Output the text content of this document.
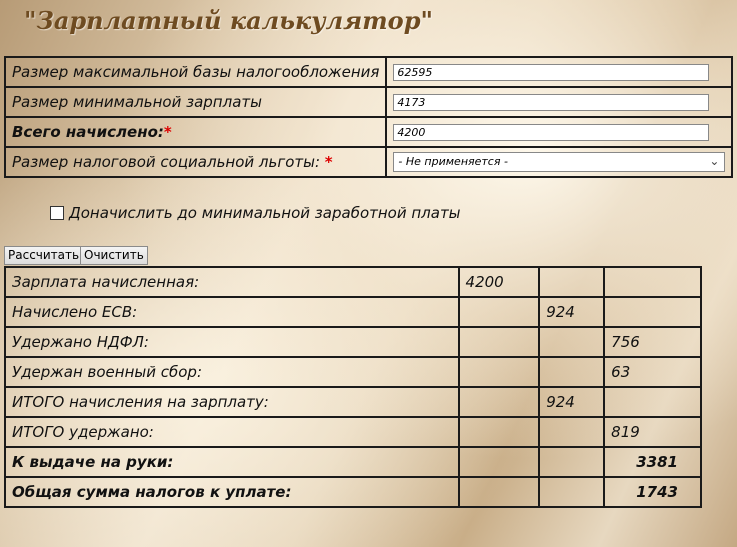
"Зарплатный калькулятор"
Размер максимальной базы налогообложения	62595

Размер минимальной зарплаты	4173

Всего начислено:*	4200

Размер налоговой социальной льготы: *	- Не применяется - ⌄
Доначислить до минимальной заработной платы
Рассчитать Очистить
Зарплата начисленная:	4200		
Начислено ЕСВ:		924	
Удержано НДФЛ:			756
Удержан военный сбор:			63
ИТОГО начисления на зарплату:		924	
ИТОГО удержано:			819
К выдаче на руки:			3381
Общая сумма налогов к уплате:			1743
